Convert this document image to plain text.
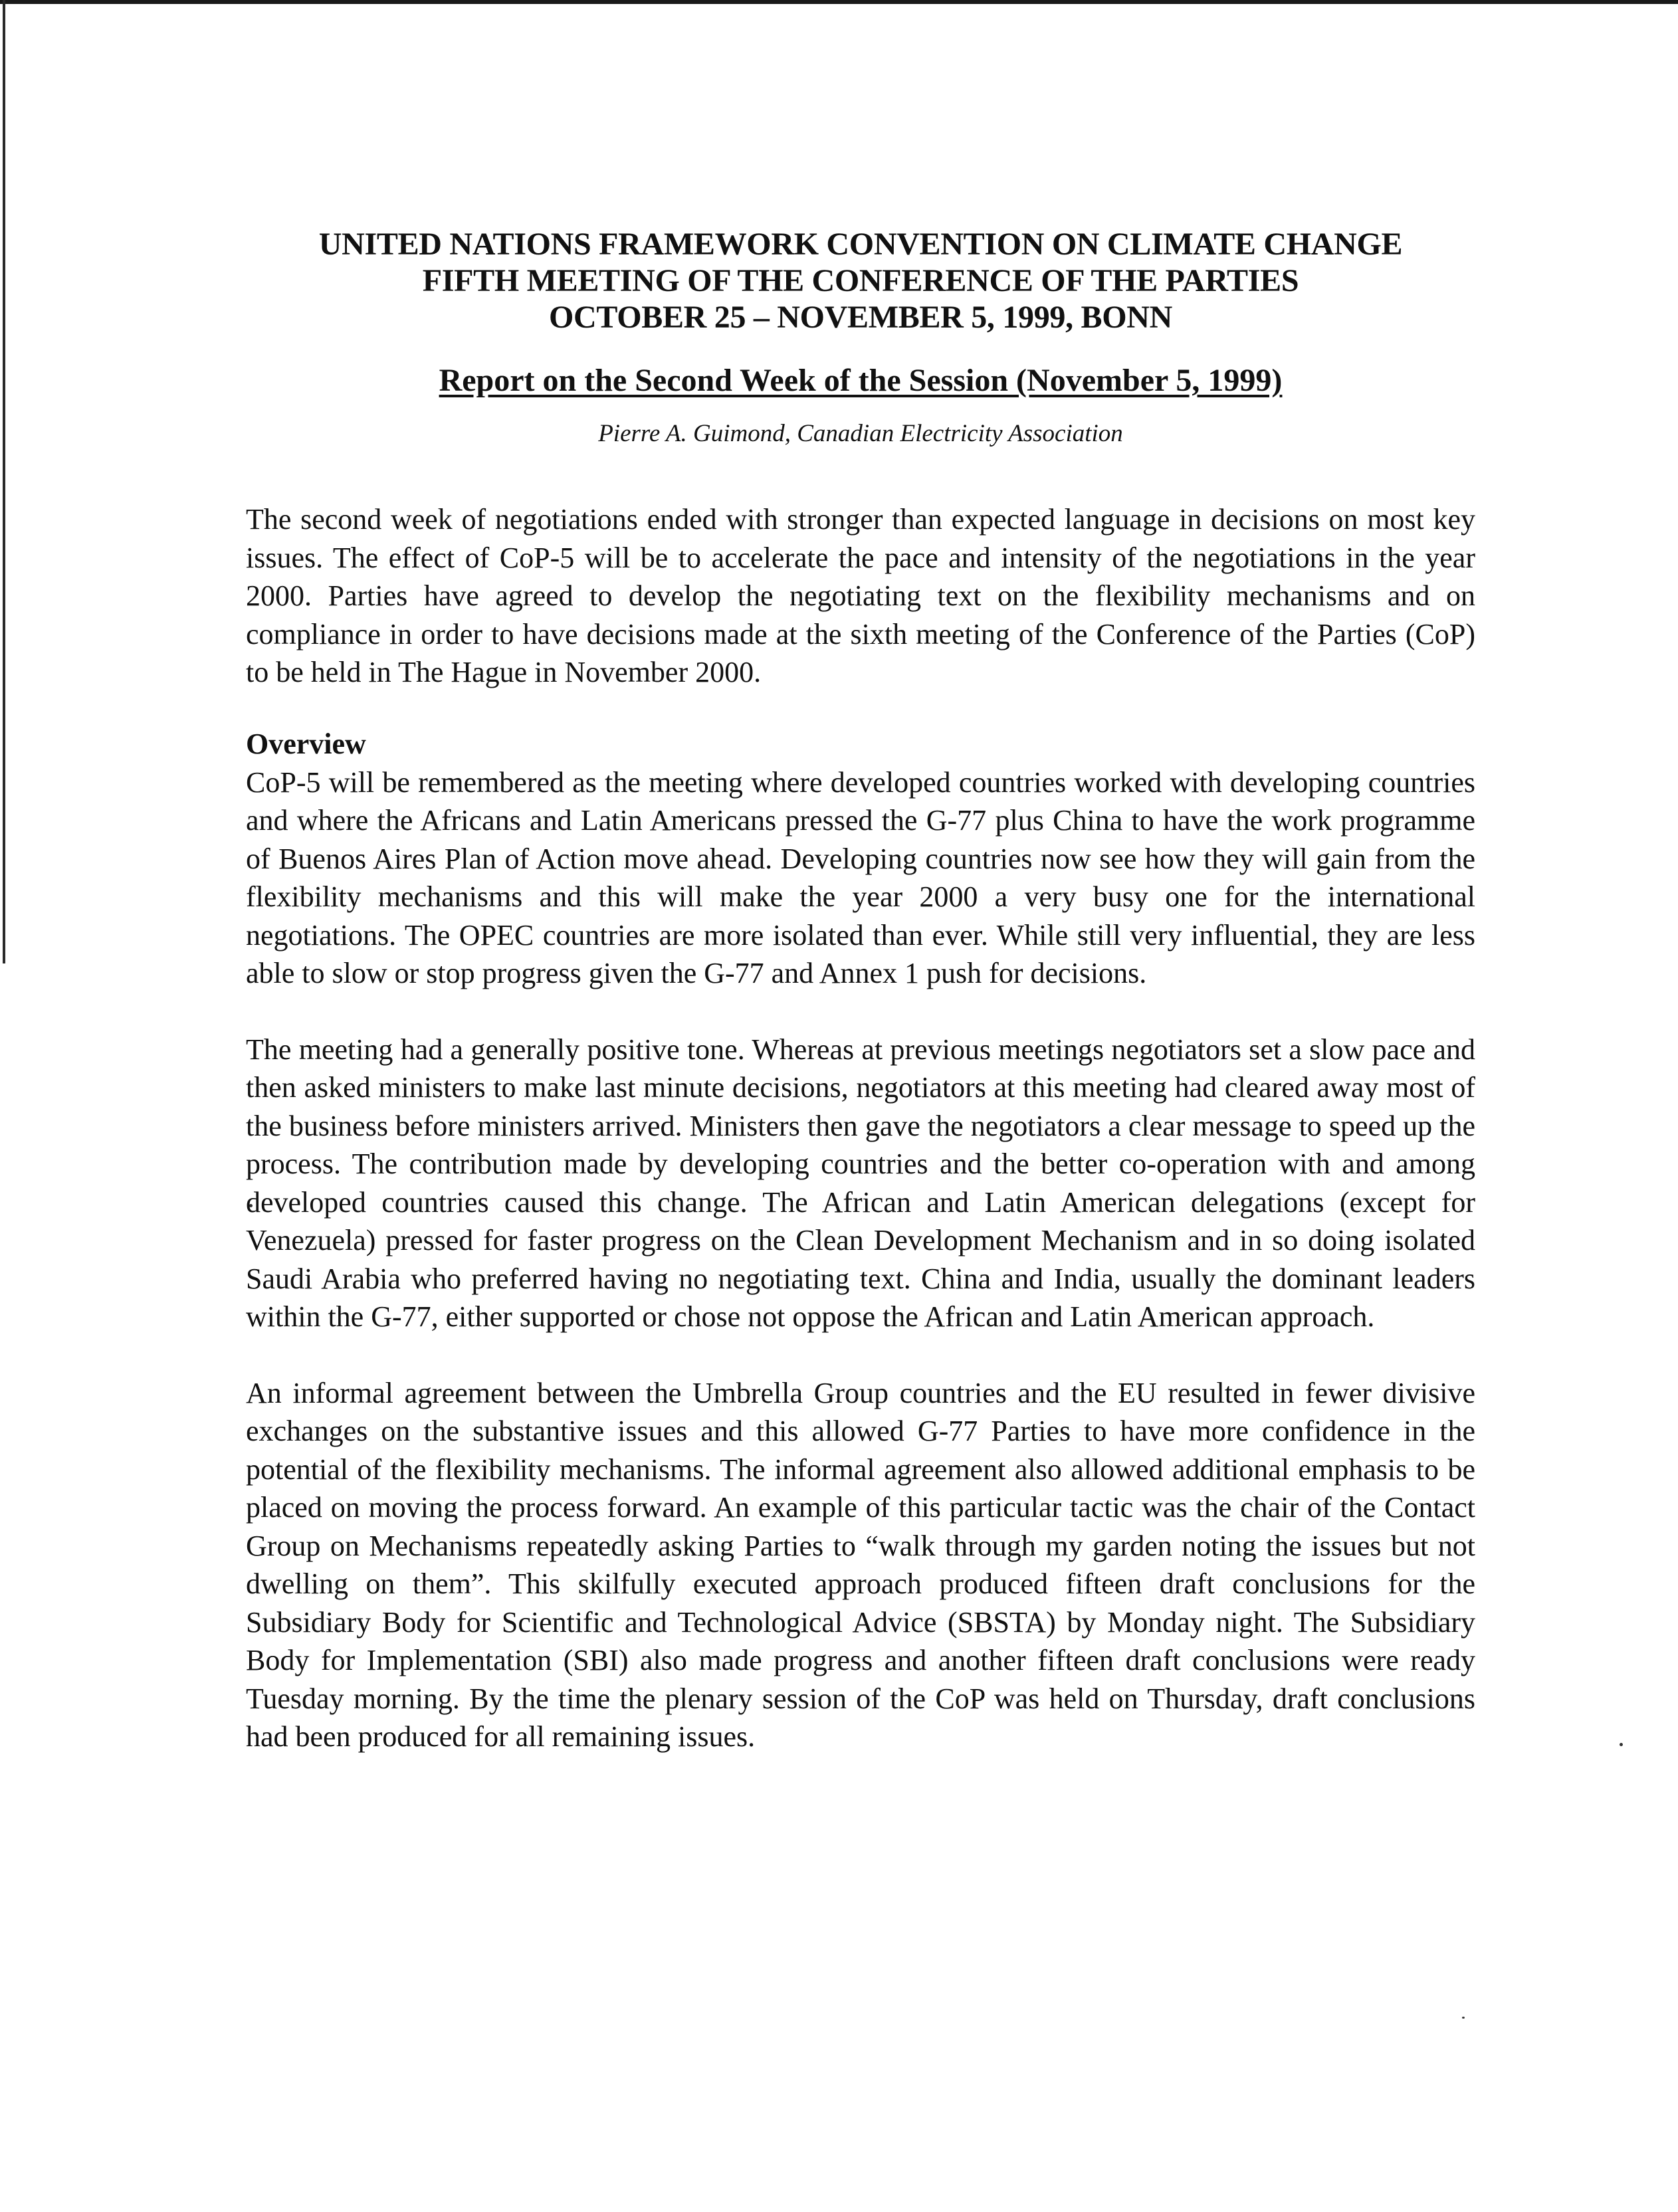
UNITED NATIONS FRAMEWORK CONVENTION ON CLIMATE CHANGE
FIFTH MEETING OF THE CONFERENCE OF THE PARTIES
OCTOBER 25 – NOVEMBER 5, 1999, BONN
Report on the Second Week of the Session (November 5, 1999)
Pierre A. Guimond, Canadian Electricity Association

The second week of negotiations ended with stronger than expected language in decisions on most key issues. The effect of CoP-5 will be to accelerate the pace and intensity of the negotiations in the year 2000. Parties have agreed to develop the negotiating text on the flexibility mechanisms and on compliance in order to have decisions made at the sixth meeting of the Conference of the Parties (CoP) to be held in The Hague in November 2000.

Overview

CoP-5 will be remembered as the meeting where developed countries worked with developing countries and where the Africans and Latin Americans pressed the G-77 plus China to have the work programme of Buenos Aires Plan of Action move ahead. Developing countries now see how they will gain from the flexibility mechanisms and this will make the year 2000 a very busy one for the international negotiations. The OPEC countries are more isolated than ever. While still very influential, they are less able to slow or stop progress given the G-77 and Annex 1 push for decisions.

The meeting had a generally positive tone. Whereas at previous meetings negotiators set a slow pace and then asked ministers to make last minute decisions, negotiators at this meeting had cleared away most of the business before ministers arrived. Ministers then gave the negotiators a clear message to speed up the process. The contribution made by developing countries and the better co-operation with and among developed countries caused this change. The African and Latin American delegations (except for Venezuela) pressed for faster progress on the Clean Development Mechanism and in so doing isolated Saudi Arabia who preferred having no negotiating text. China and India, usually the dominant leaders within the G-77, either supported or chose not oppose the African and Latin American approach.

An informal agreement between the Umbrella Group countries and the EU resulted in fewer divisive exchanges on the substantive issues and this allowed G-77 Parties to have more confidence in the potential of the flexibility mechanisms. The informal agreement also allowed additional emphasis to be placed on moving the process forward. An example of this particular tactic was the chair of the Contact Group on Mechanisms repeatedly asking Parties to “walk through my garden noting the issues but not dwelling on them”. This skilfully executed approach produced fifteen draft conclusions for the Subsidiary Body for Scientific and Technological Advice (SBSTA) by Monday night. The Subsidiary Body for Implementation (SBI) also made progress and another fifteen draft conclusions were ready Tuesday morning. By the time the plenary session of the CoP was held on Thursday, draft conclusions had been produced for all remaining issues.
